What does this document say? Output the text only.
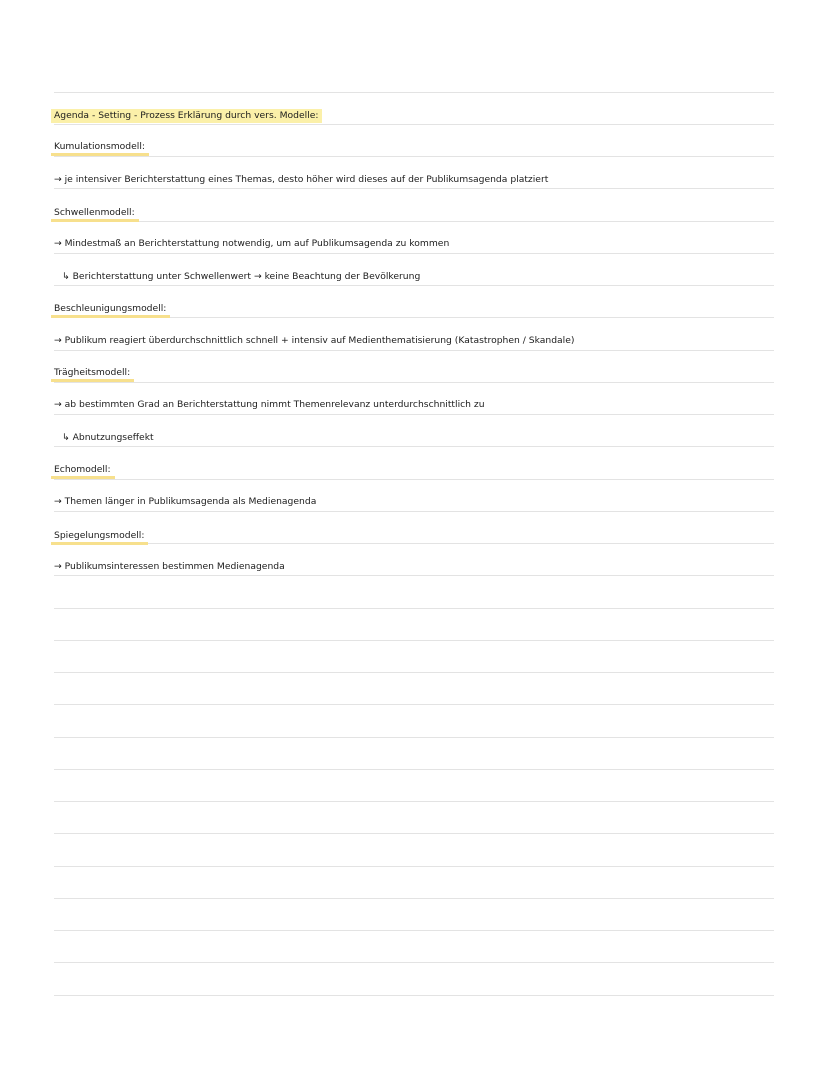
Agenda - Setting - Prozess Erklärung durch vers. Modelle:
Kumulationsmodell:
→ je intensiver Berichterstattung eines Themas, desto höher wird dieses auf der Publikumsagenda platziert
Schwellenmodell:
→ Mindestmaß an Berichterstattung notwendig, um auf Publikumsagenda zu kommen
↳ Berichterstattung unter Schwellenwert → keine Beachtung der Bevölkerung
Beschleunigungsmodell:
→ Publikum reagiert überdurchschnittlich schnell + intensiv auf Medienthematisierung (Katastrophen / Skandale)
Trägheitsmodell:
→ ab bestimmten Grad an Berichterstattung nimmt Themenrelevanz unterdurchschnittlich zu
↳ Abnutzungseffekt
Echomodell:
→ Themen länger in Publikumsagenda als Medienagenda
Spiegelungsmodell:
→ Publikumsinteressen bestimmen Medienagenda
